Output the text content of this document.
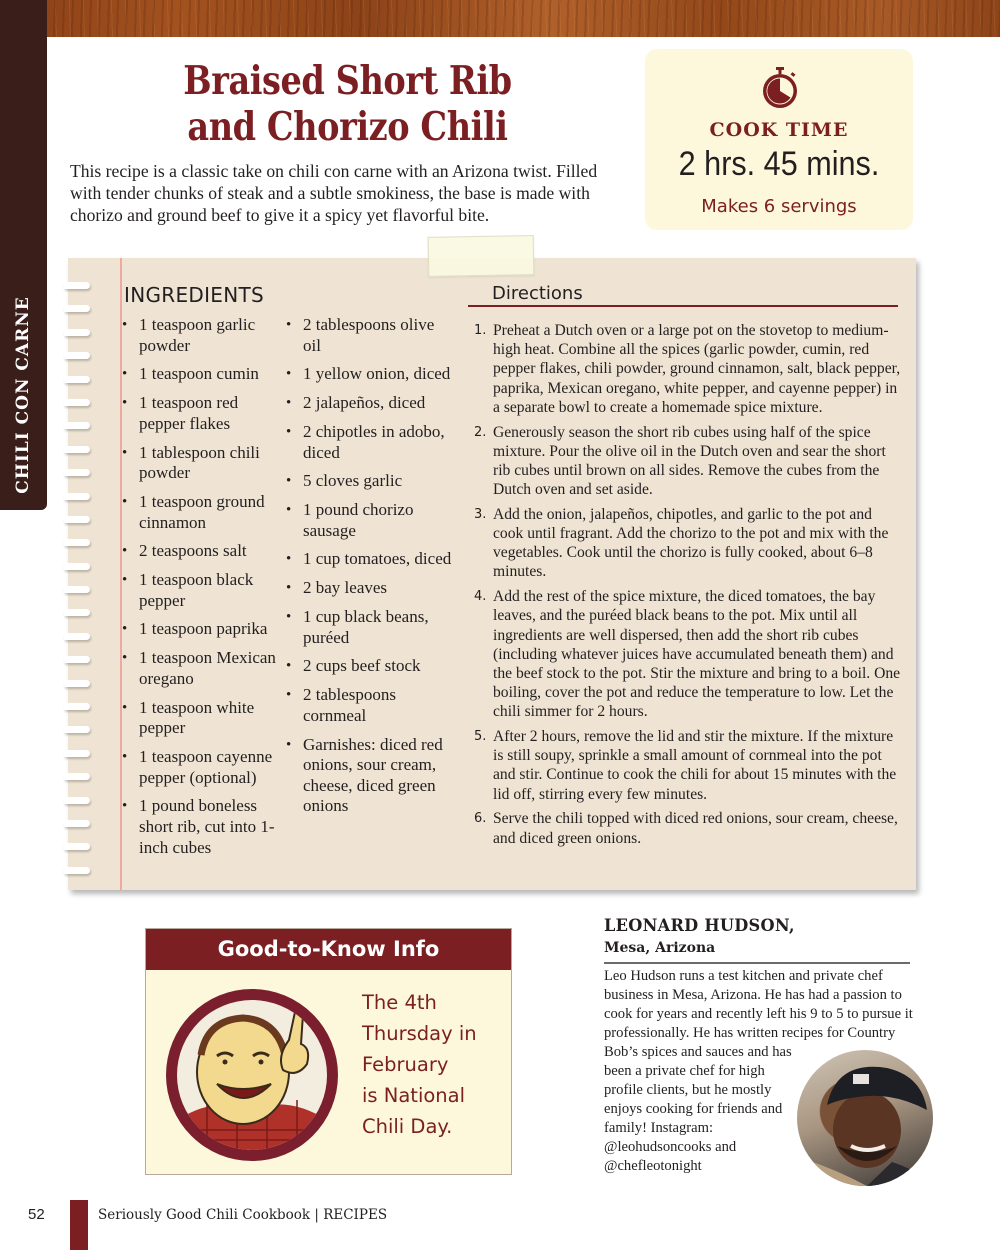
CHILI CON CARNE
Braised Short Rib
and Chorizo Chili

This recipe is a classic take on chili con carne with an Arizona twist. Filled with tender chunks of steak and a subtle smokiness, the base is made with chorizo and ground beef to give it a spicy yet flavorful bite.

COOK TIME
2 hrs. 45 mins.
Makes 6 servings
INGREDIENTS
• 1 teaspoon garlic powder
• 1 teaspoon cumin
• 1 teaspoon red pepper flakes
• 1 tablespoon chili powder
• 1 teaspoon ground cinnamon
• 2 teaspoons salt
• 1 teaspoon black pepper
• 1 teaspoon paprika
• 1 teaspoon Mexican oregano
• 1 teaspoon white pepper
• 1 teaspoon cayenne pepper (optional)
• 1 pound boneless short rib, cut into 1-inch cubes
• 2 tablespoons olive oil
• 1 yellow onion, diced
• 2 jalapeños, diced
• 2 chipotles in adobo, diced
• 5 cloves garlic
• 1 pound chorizo sausage
• 1 cup tomatoes, diced
• 2 bay leaves
• 1 cup black beans, puréed
• 2 cups beef stock
• 2 tablespoons cornmeal
• Garnishes: diced red onions, sour cream, cheese, diced green onions
Directions
1. Preheat a Dutch oven or a large pot on the stovetop to medium-high heat. Combine all the spices (garlic powder, cumin, red pepper flakes, chili powder, ground cinnamon, salt, black pepper, paprika, Mexican oregano, white pepper, and cayenne pepper) in a separate bowl to create a homemade spice mixture.
2. Generously season the short rib cubes using half of the spice mixture. Pour the olive oil in the Dutch oven and sear the short rib cubes until brown on all sides. Remove the cubes from the Dutch oven and set aside.
3. Add the onion, jalapeños, chipotles, and garlic to the pot and cook until fragrant. Add the chorizo to the pot and mix with the vegetables. Cook until the chorizo is fully cooked, about 6–8 minutes.
4. Add the rest of the spice mixture, the diced tomatoes, the bay leaves, and the puréed black beans to the pot. Mix until all ingredients are well dispersed, then add the short rib cubes (including whatever juices have accumulated beneath them) and the beef stock to the pot. Stir the mixture and bring to a boil. One boiling, cover the pot and reduce the temperature to low. Let the chili simmer for 2 hours.
5. After 2 hours, remove the lid and stir the mixture. If the mixture is still soupy, sprinkle a small amount of cornmeal into the pot and stir. Continue to cook the chili for about 15 minutes with the lid off, stirring every few minutes.
6. Serve the chili topped with diced red onions, sour cream, cheese, and diced green onions.
Good-to-Know Info
The 4th
Thursday in
February
is National
Chili Day.
LEONARD HUDSON,
Mesa, Arizona
Leo Hudson runs a test kitchen and private chef business in Mesa, Arizona. He has had a passion to cook for years and recently left his 9 to 5 to pursue it professionally. He has written recipes for Country
Bob’s spices and sauces and has been a private chef for high profile clients, but he mostly enjoys cooking for friends and family! Instagram: @leohudsoncooks and @chefleotonight
52	Seriously Good Chili Cookbook | RECIPES
